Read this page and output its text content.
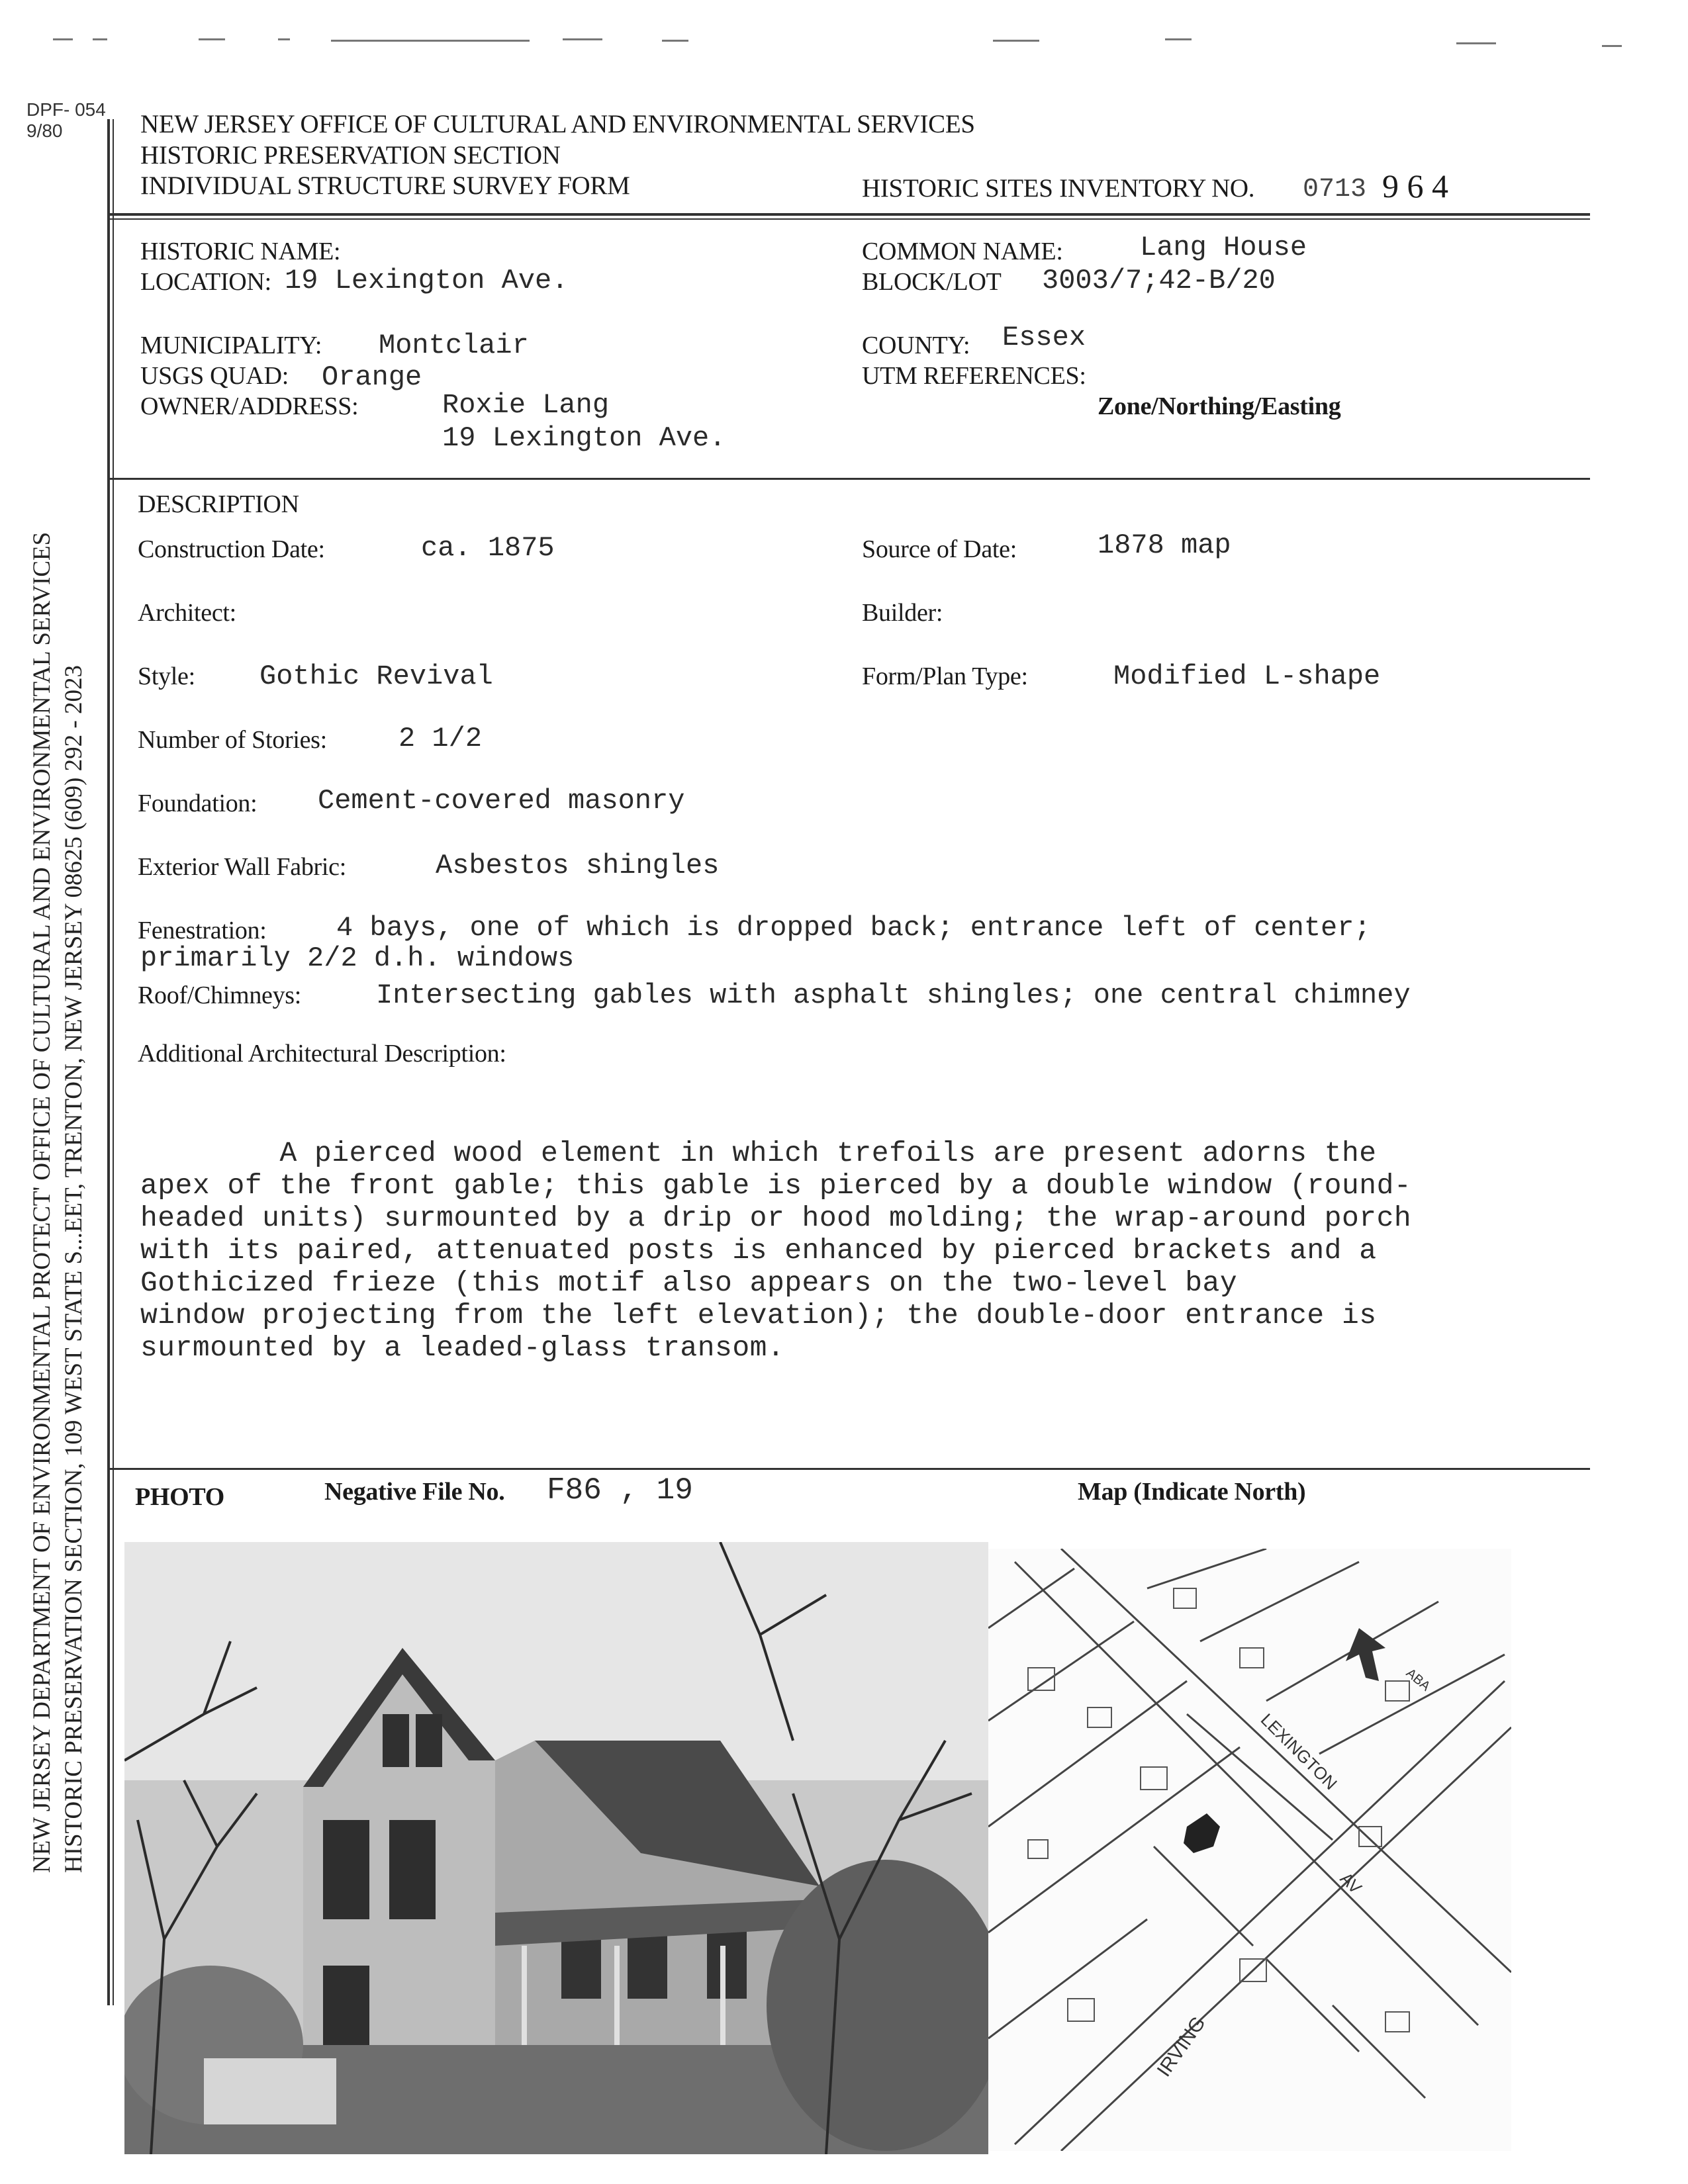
DPF- 054
9/80
NEW JERSEY DEPARTMENT OF ENVIRONMENTAL PROTECT' OFFICE OF CULTURAL AND ENVIRONMENTAL SERVICES HISTORIC PRESERVATION SECTION, 109 WEST STATE S...EET, TRENTON, NEW JERSEY 08625 (609) 292 - 2023
NEW JERSEY OFFICE OF CULTURAL AND ENVIRONMENTAL SERVICES
HISTORIC PRESERVATION SECTION
INDIVIDUAL STRUCTURE SURVEY FORM	HISTORIC SITES INVENTORY NO. 0713 9 6 4
HISTORIC NAME:
LOCATION: 19 Lexington Ave.
COMMON NAME:	Lang House
BLOCK/LOT 3003/7;42-B/20
MUNICIPALITY: Montclair
USGS QUAD: Orange
OWNER/ADDRESS:	Roxie Lang
19 Lexington Ave.
COUNTY: Essex
UTM REFERENCES:
Zone/Northing/Easting
DESCRIPTION
Construction Date:	ca. 1875	Source of Date:	1878 map
Architect:	Builder:
Style: Gothic Revival	Form/Plan Type:	Modified L-shape
Number of Stories:	2 1/2
Foundation: Cement-covered masonry
Exterior Wall Fabric:	Asbestos shingles
Fenestration:	4 bays, one of which is dropped back; entrance left of center;
primarily 2/2 d.h. windows
Roof/Chimneys:	Intersecting gables with asphalt shingles; one central chimney
Additional Architectural Description:
A pierced wood element in which trefoils are present adorns the
apex of the front gable; this gable is pierced by a double window (round-
headed units) surmounted by a drip or hood molding; the wrap-around porch
with its paired, attenuated posts is enhanced by pierced brackets and a
Gothicized frieze (this motif also appears on the two-level bay
window projecting from the left elevation); the double-door entrance is
surmounted by a leaded-glass transom.
PHOTO	Negative File No. F86 , 19	Map (Indicate North)
LEXINGTON
AV
IRVING
ABA
